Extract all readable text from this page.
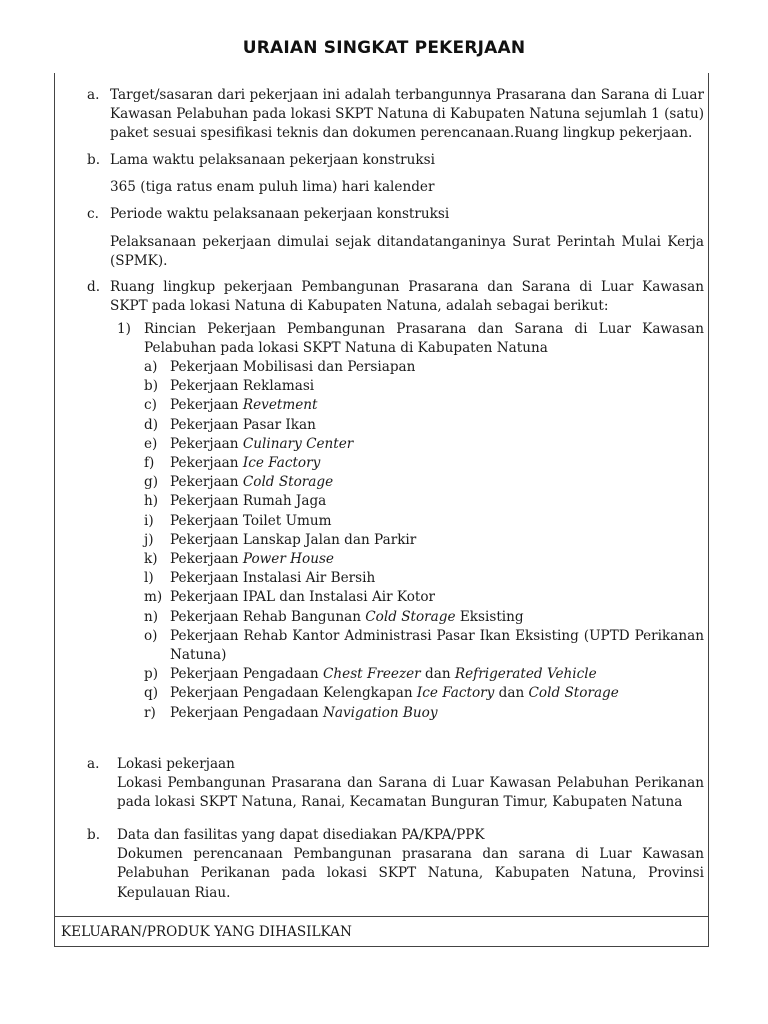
URAIAN SINGKAT PEKERJAAN
a. Target/sasaran dari pekerjaan ini adalah terbangunnya Prasarana dan Sarana di Luar Kawasan Pelabuhan pada lokasi SKPT Natuna di Kabupaten Natuna sejumlah 1 (satu) paket sesuai spesifikasi teknis dan dokumen perencanaan.Ruang lingkup pekerjaan.
b. Lama waktu pelaksanaan pekerjaan konstruksi
365 (tiga ratus enam puluh lima) hari kalender
c. Periode waktu pelaksanaan pekerjaan konstruksi
Pelaksanaan pekerjaan dimulai sejak ditandatanganinya Surat Perintah Mulai Kerja (SPMK).
d. Ruang lingkup pekerjaan Pembangunan Prasarana dan Sarana di Luar Kawasan SKPT pada lokasi Natuna di Kabupaten Natuna, adalah sebagai berikut:
1) Rincian Pekerjaan Pembangunan Prasarana dan Sarana di Luar Kawasan Pelabuhan pada lokasi SKPT Natuna di Kabupaten Natuna
a) Pekerjaan Mobilisasi dan Persiapan
b) Pekerjaan Reklamasi
c) Pekerjaan Revetment
d) Pekerjaan Pasar Ikan
e) Pekerjaan Culinary Center
f) Pekerjaan Ice Factory
g) Pekerjaan Cold Storage
h) Pekerjaan Rumah Jaga
i) Pekerjaan Toilet Umum
j) Pekerjaan Lanskap Jalan dan Parkir
k) Pekerjaan Power House
l) Pekerjaan Instalasi Air Bersih
m) Pekerjaan IPAL dan Instalasi Air Kotor
n) Pekerjaan Rehab Bangunan Cold Storage Eksisting
o) Pekerjaan Rehab Kantor Administrasi Pasar Ikan Eksisting (UPTD Perikanan Natuna)
p) Pekerjaan Pengadaan Chest Freezer dan Refrigerated Vehicle
q) Pekerjaan Pengadaan Kelengkapan Ice Factory dan Cold Storage
r) Pekerjaan Pengadaan Navigation Buoy
a. Lokasi pekerjaan
Lokasi Pembangunan Prasarana dan Sarana di Luar Kawasan Pelabuhan Perikanan pada lokasi SKPT Natuna, Ranai, Kecamatan Bunguran Timur, Kabupaten Natuna
b. Data dan fasilitas yang dapat disediakan PA/KPA/PPK
Dokumen perencanaan Pembangunan prasarana dan sarana di Luar Kawasan Pelabuhan Perikanan pada lokasi SKPT Natuna, Kabupaten Natuna, Provinsi Kepulauan Riau.
KELUARAN/PRODUK YANG DIHASILKAN
